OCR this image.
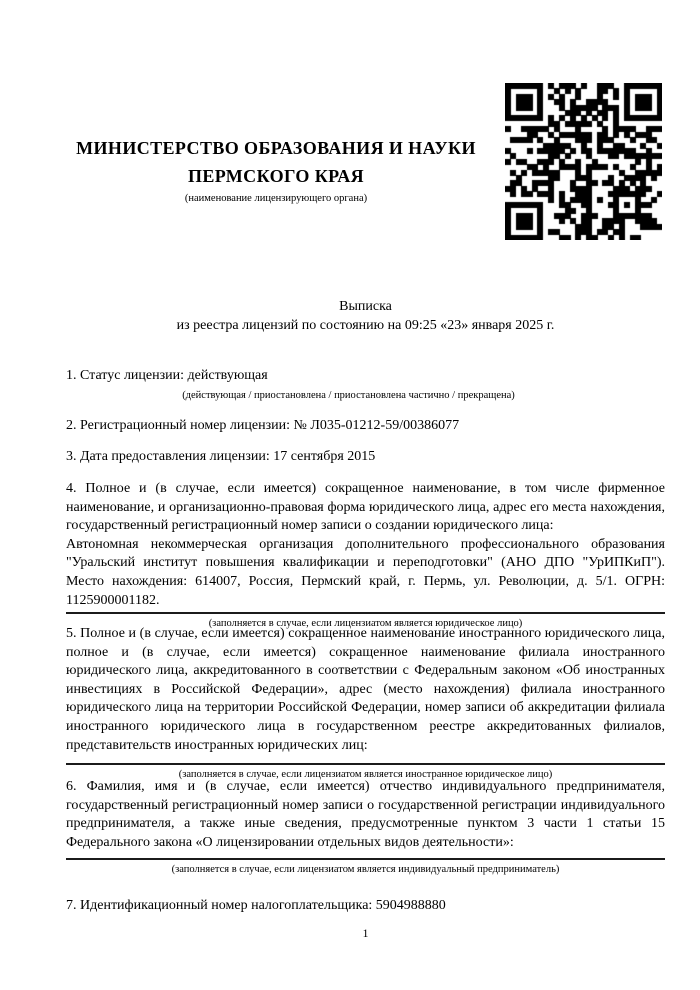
МИНИСТЕРСТВО ОБРАЗОВАНИЯ И НАУКИ
ПЕРМСКОГО КРАЯ
(наименование лицензирующего органа)
Выписка
из реестра лицензий по состоянию на 09:25 «23» января 2025 г.
1. Статус лицензии: действующая
(действующая / приостановлена / приостановлена частично / прекращена)
2. Регистрационный номер лицензии: № Л035-01212-59/00386077
3. Дата предоставления лицензии: 17 сентября 2015

4. Полное и (в случае, если имеется) сокращенное наименование, в том числе фирменное наименование, и организационно-правовая форма юридического лица, адрес его места нахождения, государственный регистрационный номер записи о создании юридического лица:

Автономная некоммерческая организация дополнительного профессионального образования "Уральский институт повышения квалификации и переподготовки" (АНО ДПО "УрИПКиП"). Место нахождения: 614007, Россия, Пермский край, г. Пермь, ул. Революции, д. 5/1. ОГРН: 1125900001182.

(заполняется в случае, если лицензиатом является юридическое лицо)

5. Полное и (в случае, если имеется) сокращенное наименование иностранного юридического лица, полное и (в случае, если имеется) сокращенное наименование филиала иностранного юридического лица, аккредитованного в соответствии с Федеральным законом «Об иностранных инвестициях в Российской Федерации», адрес (место нахождения) филиала иностранного юридического лица на территории Российской Федерации, номер записи об аккредитации филиала иностранного юридического лица в государственном реестре аккредитованных филиалов, представительств иностранных юридических лиц:

(заполняется в случае, если лицензиатом является иностранное юридическое лицо)

6. Фамилия, имя и (в случае, если имеется) отчество индивидуального предпринимателя, государственный регистрационный номер записи о государственной регистрации индивидуального предпринимателя, а также иные сведения, предусмотренные пунктом 3 части 1 статьи 15 Федерального закона «О лицензировании отдельных видов деятельности»:

(заполняется в случае, если лицензиатом является индивидуальный предприниматель)
7. Идентификационный номер налогоплательщика: 5904988880
1
